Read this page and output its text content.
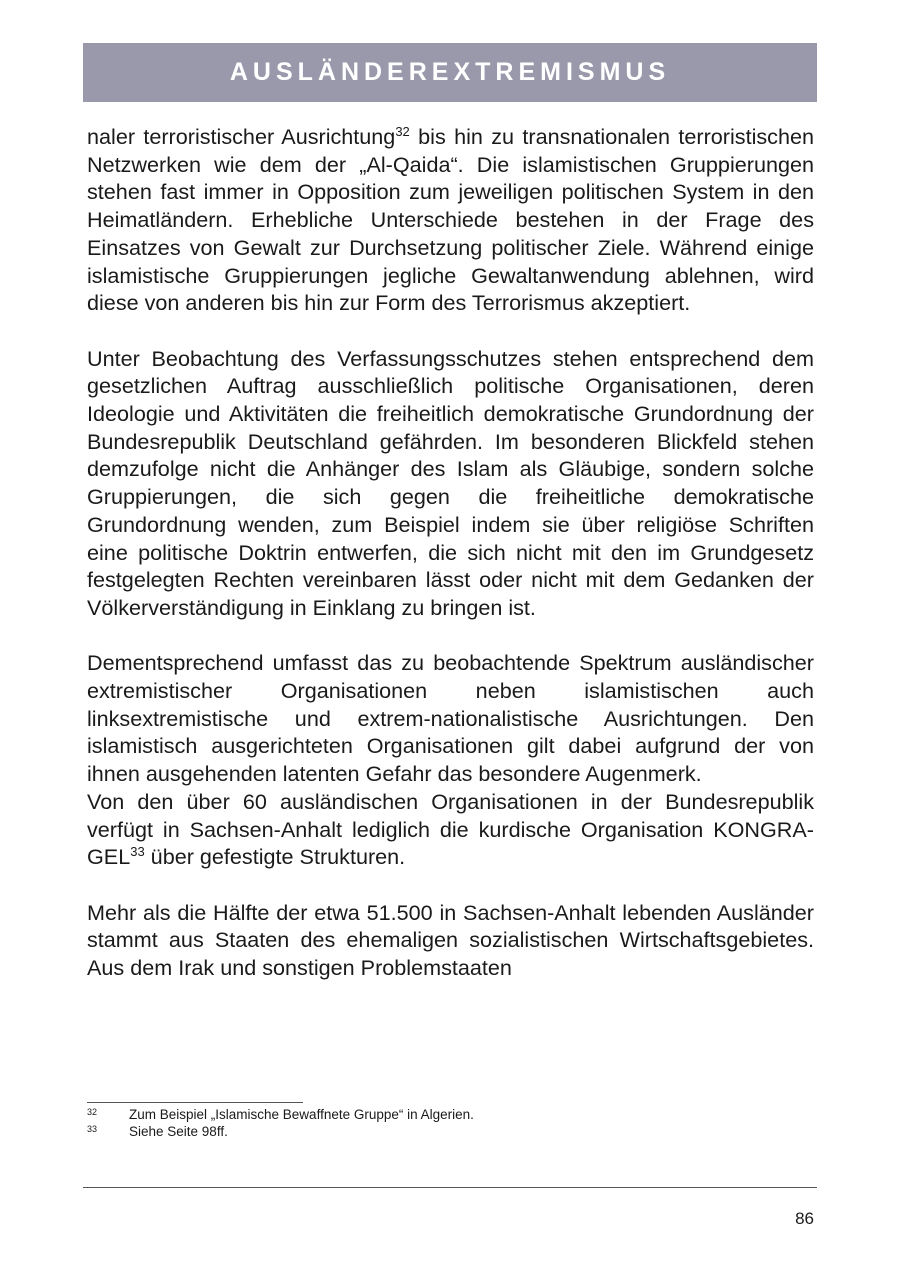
AUSLÄNDEREXTREMISMUS

naler terroristischer Ausrichtung$^{32}$ bis hin zu transnationalen terroristischen Netzwerken wie dem der „Al-Qaida“. Die islamistischen Gruppierungen stehen fast immer in Opposition zum jeweiligen politischen System in den Heimatländern. Erhebliche Unterschiede bestehen in der Frage des Einsatzes von Gewalt zur Durchsetzung politischer Ziele. Während einige islamistische Gruppierungen jegliche Gewaltanwendung ablehnen, wird diese von anderen bis hin zur Form des Terrorismus akzeptiert.

Unter Beobachtung des Verfassungsschutzes stehen entsprechend dem gesetzlichen Auftrag ausschließlich politische Organisationen, deren Ideologie und Aktivitäten die freiheitlich demokratische Grundordnung der Bundesrepublik Deutschland gefährden. Im besonderen Blickfeld stehen demzufolge nicht die Anhänger des Islam als Gläubige, sondern solche Gruppierungen, die sich gegen die freiheitliche demokratische Grundordnung wenden, zum Beispiel indem sie über religiöse Schriften eine politische Doktrin entwerfen, die sich nicht mit den im Grundgesetz festgelegten Rechten vereinbaren lässt oder nicht mit dem Gedanken der Völkerverständigung in Einklang zu bringen ist.

Dementsprechend umfasst das zu beobachtende Spektrum ausländischer extremistischer Organisationen neben islamistischen auch linksextremistische und extrem-nationalistische Ausrichtungen. Den islamistisch ausgerichteten Organisationen gilt dabei aufgrund der von ihnen ausgehenden latenten Gefahr das besondere Augenmerk.

Von den über 60 ausländischen Organisationen in der Bundesrepublik verfügt in Sachsen-Anhalt lediglich die kurdische Organisation KONGRA-GEL$^{33}$ über gefestigte Strukturen.

Mehr als die Hälfte der etwa 51.500 in Sachsen-Anhalt lebenden Ausländer stammt aus Staaten des ehemaligen sozialistischen Wirtschaftsgebietes. Aus dem Irak und sonstigen Problemstaaten

32 Zum Beispiel „Islamische Bewaffnete Gruppe“ in Algerien.
33 Siehe Seite 98ff.
86
